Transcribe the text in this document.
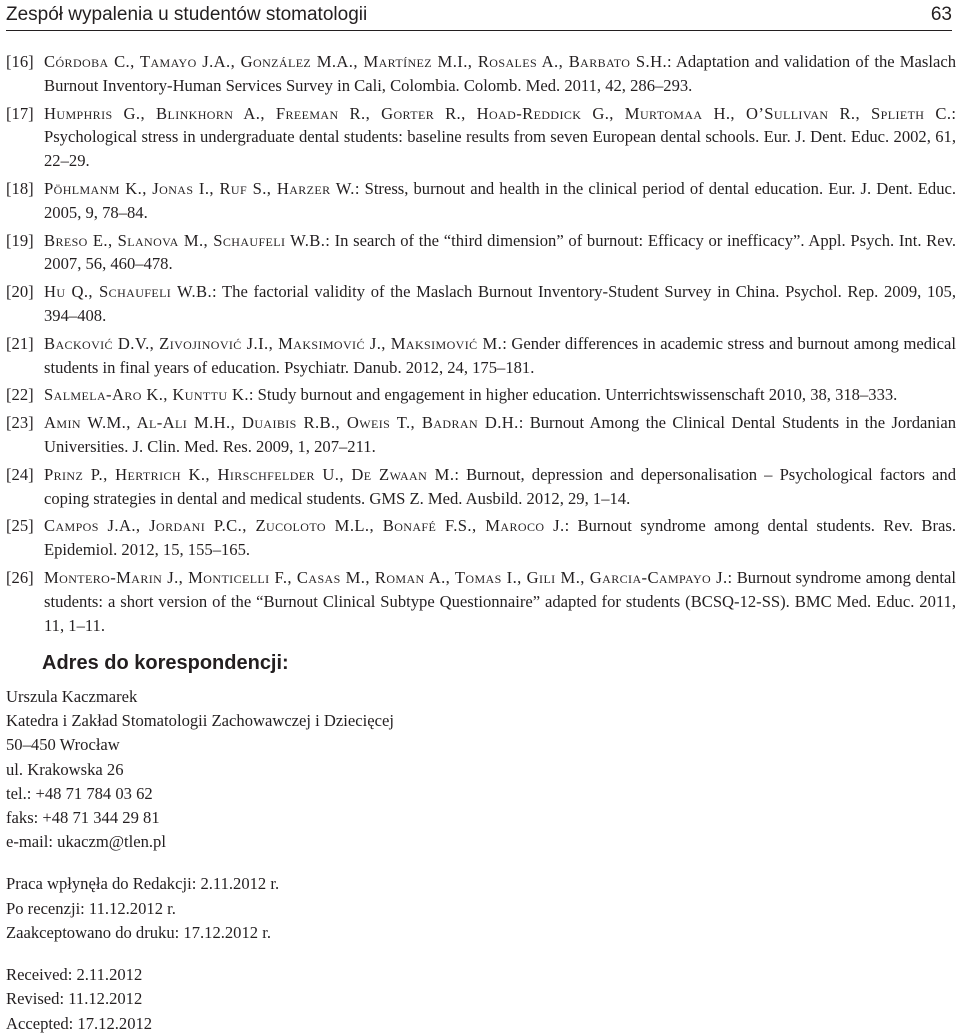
Zespół wypalenia u studentów stomatologii	63
[16] Córdoba C., Tamayo J.A., González M.A., Martínez M.I., Rosales A., Barbato S.H.: Adaptation and validation of the Maslach Burnout Inventory-Human Services Survey in Cali, Colombia. Colomb. Med. 2011, 42, 286–293.
[17] Humphris G., Blinkhorn A., Freeman R., Gorter R., Hoad-Reddick G., Murtomaa H., O’Sullivan R., Splieth C.: Psychological stress in undergraduate dental students: baseline results from seven European dental schools. Eur. J. Dent. Educ. 2002, 61, 22–29.
[18] Pöhlmanm K., Jonas I., Ruf S., Harzer W.: Stress, burnout and health in the clinical period of dental education. Eur. J. Dent. Educ. 2005, 9, 78–84.
[19] Breso E., Slanova M., Schaufeli W.B.: In search of the “third dimension” of burnout: Efficacy or inefficacy”. Appl. Psych. Int. Rev. 2007, 56, 460–478.
[20] Hu Q., Schaufeli W.B.: The factorial validity of the Maslach Burnout Inventory-Student Survey in China. Psychol. Rep. 2009, 105, 394–408.
[21] Backović D.V., Zivojinović J.I., Maksimović J., Maksimović M.: Gender differences in academic stress and burnout among medical students in final years of education. Psychiatr. Danub. 2012, 24, 175–181.
[22] Salmela-Aro K., Kunttu K.: Study burnout and engagement in higher education. Unterrichtswissenschaft 2010, 38, 318–333.
[23] Amin W.M., Al-Ali M.H., Duaibis R.B., Oweis T., Badran D.H.: Burnout Among the Clinical Dental Students in the Jordanian Universities. J. Clin. Med. Res. 2009, 1, 207–211.
[24] Prinz P., Hertrich K., Hirschfelder U., De Zwaan M.: Burnout, depression and depersonalisation – Psychological factors and coping strategies in dental and medical students. GMS Z. Med. Ausbild. 2012, 29, 1–14.
[25] Campos J.A., Jordani P.C., Zucoloto M.L., Bonafé F.S., Maroco J.: Burnout syndrome among dental students. Rev. Bras. Epidemiol. 2012, 15, 155–165.
[26] Montero-Marin J., Monticelli F., Casas M., Roman A., Tomas I., Gili M., Garcia-Campayo J.: Burnout syndrome among dental students: a short version of the “Burnout Clinical Subtype Questionnaire” adapted for students (BCSQ-12-SS). BMC Med. Educ. 2011, 11, 1–11.
Adres do korespondencji:
Urszula Kaczmarek
Katedra i Zakład Stomatologii Zachowawczej i Dziecięcej
50–450 Wrocław
ul. Krakowska 26
tel.: +48 71 784 03 62
faks: +48 71 344 29 81
e-mail: ukaczm@tlen.pl
Praca wpłynęła do Redakcji: 2.11.2012 r.
Po recenzji: 11.12.2012 r.
Zaakceptowano do druku: 17.12.2012 r.
Received: 2.11.2012
Revised: 11.12.2012
Accepted: 17.12.2012
